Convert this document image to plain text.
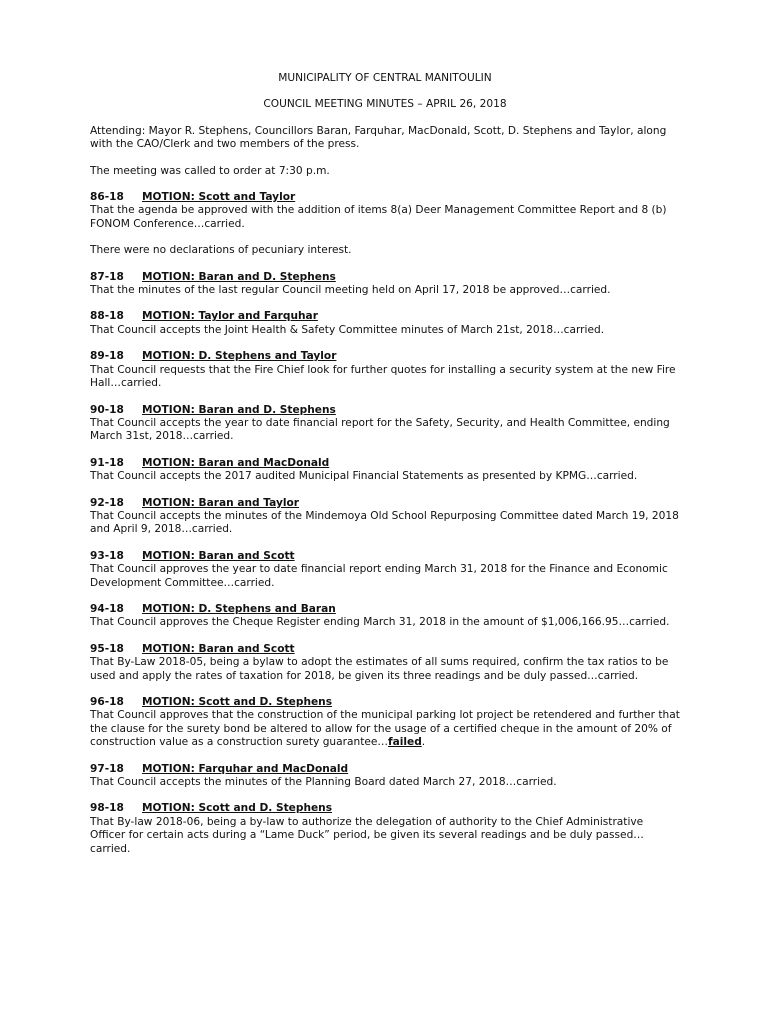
MUNICIPALITY OF CENTRAL MANITOULIN

COUNCIL MEETING MINUTES – APRIL 26, 2018

Attending: Mayor R. Stephens, Councillors Baran, Farquhar, MacDonald, Scott, D. Stephens and Taylor, along with the CAO/Clerk and two members of the press.

The meeting was called to order at 7:30 p.m.

86-18 MOTION: Scott and Taylor

That the agenda be approved with the addition of items 8(a) Deer Management Committee Report and 8 (b) FONOM Conference…carried.

There were no declarations of pecuniary interest.

87-18 MOTION: Baran and D. Stephens

That the minutes of the last regular Council meeting held on April 17, 2018 be approved…carried.

88-18 MOTION: Taylor and Farquhar

That Council accepts the Joint Health & Safety Committee minutes of March 21st, 2018…carried.

89-18 MOTION: D. Stephens and Taylor

That Council requests that the Fire Chief look for further quotes for installing a security system at the new Fire Hall…carried.

90-18 MOTION: Baran and D. Stephens

That Council accepts the year to date financial report for the Safety, Security, and Health Committee, ending March 31st, 2018…carried.

91-18 MOTION: Baran and MacDonald

That Council accepts the 2017 audited Municipal Financial Statements as presented by KPMG…carried.

92-18 MOTION: Baran and Taylor

That Council accepts the minutes of the Mindemoya Old School Repurposing Committee dated March 19, 2018 and April 9, 2018…carried.

93-18 MOTION: Baran and Scott

That Council approves the year to date financial report ending March 31, 2018 for the Finance and Economic Development Committee…carried.

94-18 MOTION: D. Stephens and Baran

That Council approves the Cheque Register ending March 31, 2018 in the amount of $1,006,166.95…carried.

95-18 MOTION: Baran and Scott

That By-Law 2018-05, being a bylaw to adopt the estimates of all sums required, confirm the tax ratios to be used and apply the rates of taxation for 2018, be given its three readings and be duly passed…carried.

96-18 MOTION: Scott and D. Stephens

That Council approves that the construction of the municipal parking lot project be retendered and further that the clause for the surety bond be altered to allow for the usage of a certified cheque in the amount of 20% of construction value as a construction surety guarantee…failed.

97-18 MOTION: Farquhar and MacDonald

That Council accepts the minutes of the Planning Board dated March 27, 2018…carried.

98-18 MOTION: Scott and D. Stephens

That By-law 2018-06, being a by-law to authorize the delegation of authority to the Chief Administrative Officer for certain acts during a “Lame Duck” period, be given its several readings and be duly passed…carried.
